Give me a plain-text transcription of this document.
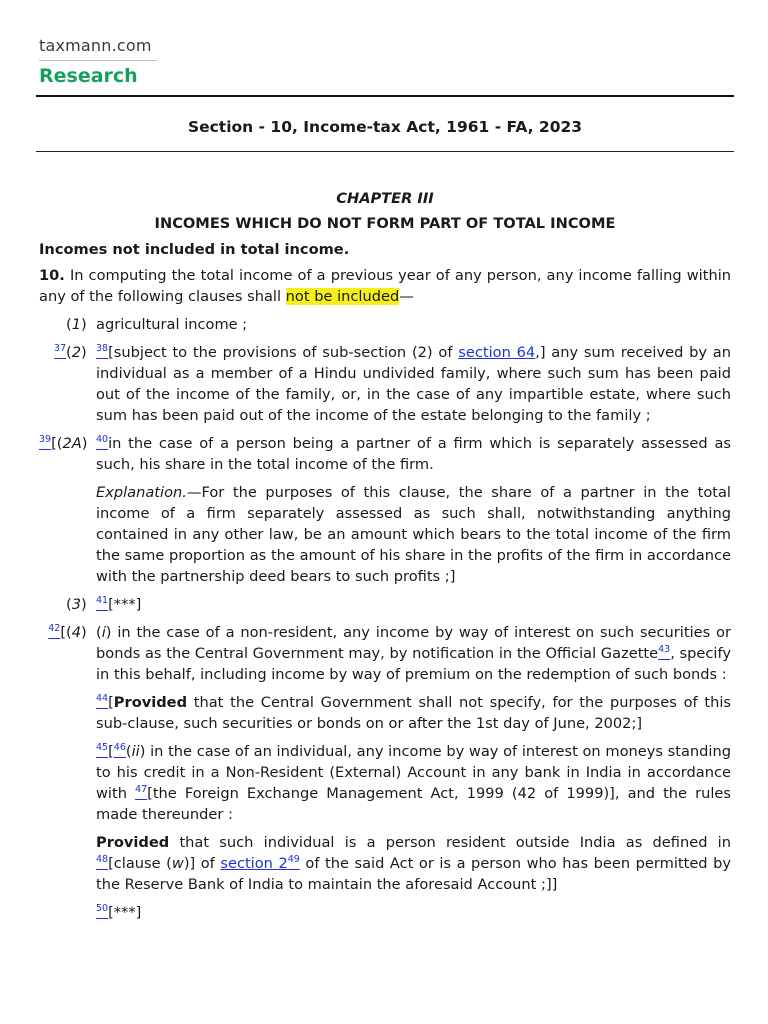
taxmann.com
Research
Section - 10, Income-tax Act, 1961 - FA, 2023

CHAPTER III

INCOMES WHICH DO NOT FORM PART OF TOTAL INCOME

Incomes not included in total income.

10. In computing the total income of a previous year of any person, any income falling within any of the following clauses shall not be included—

(1) agricultural income ;
$^{37}$(2) $^{38}$[subject to the provisions of sub-section (2) of section 64,] any sum received by an individual as a member of a Hindu undivided family, where such sum has been paid out of the income of the family, or, in the case of any impartible estate, where such sum has been paid out of the income of the estate belonging to the family ;
$^{39}$[(2A) $^{40}$in the case of a person being a partner of a firm which is separately assessed as such, his share in the total income of the firm.

Explanation.—For the purposes of this clause, the share of a partner in the total income of a firm separately assessed as such shall, notwithstanding anything contained in any other law, be an amount which bears to the total income of the firm the same proportion as the amount of his share in the profits of the firm in accordance with the partnership deed bears to such profits ;]

(3) $^{41}$[***]
$^{42}$[(4) (i) in the case of a non-resident, any income by way of interest on such securities or bonds as the Central Government may, by notification in the Official Gazette$^{43}$, specify in this behalf, including income by way of premium on the redemption of such bonds :

$^{44}$[Provided that the Central Government shall not specify, for the purposes of this sub-clause, such securities or bonds on or after the 1st day of June, 2002;]

$^{45}$[$^{46}$(ii) in the case of an individual, any income by way of interest on moneys standing to his credit in a Non-Resident (External) Account in any bank in India in accordance with $^{47}$[the Foreign Exchange Management Act, 1999 (42 of 1999)], and the rules made thereunder :

Provided that such individual is a person resident outside India as defined in $^{48}$[clause (w)] of section 2$^{49}$ of the said Act or is a person who has been permitted by the Reserve Bank of India to maintain the aforesaid Account ;]]

$^{50}$[***]
